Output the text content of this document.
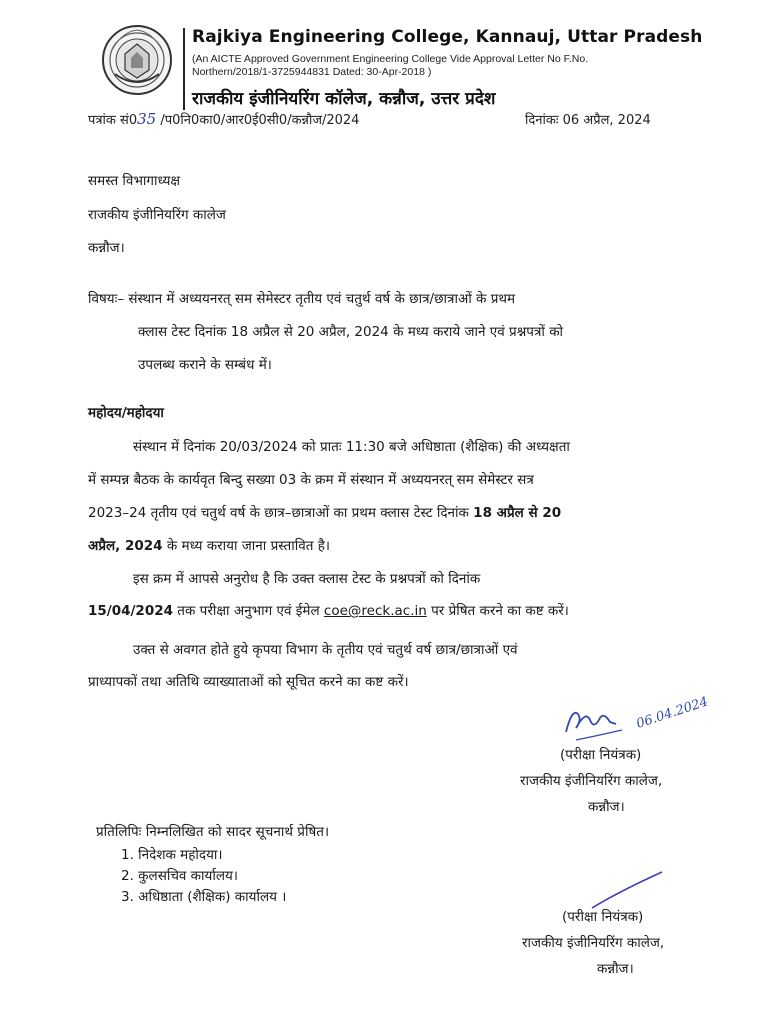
Rajkiya Engineering College, Kannauj, Uttar Pradesh
(An AICTE Approved Government Engineering College Vide Approval Letter No F.No.
Northern/2018/1-3725944831 Dated: 30-Apr-2018 )
राजकीय इंजीनियरिंग कॉलेज, कन्नौज, उत्तर प्रदेश
पत्रांक सं035 /प0नि0का0/आर0ई0सी0/कन्नौज/2024	दिनांकः 06 अप्रैल, 2024
समस्त विभागाध्यक्ष
राजकीय इंजीनियरिंग कालेज
कन्नौज।
विषयः– संस्थान में अध्ययनरत् सम सेमेस्टर तृतीय एवं चतुर्थ वर्ष के छात्र/छात्राओं के प्रथम
क्लास टेस्ट दिनांक 18 अप्रैल से 20 अप्रैल, 2024 के मध्य कराये जाने एवं प्रश्नपत्रों को
उपलब्ध कराने के सम्बंध में।
महोदय/महोदया
संस्थान में दिनांक 20/03/2024 को प्रातः 11:30 बजे अधिष्ठाता (शैक्षिक) की अध्यक्षता
में सम्पन्न बैठक के कार्यवृत बिन्दु सख्या 03 के क्रम में संस्थान में अध्ययनरत् सम सेमेस्टर सत्र
2023–24 तृतीय एवं चतुर्थ वर्ष के छात्र–छात्राओं का प्रथम क्लास टेस्ट दिनांक 18 अप्रैल से 20
अप्रैल, 2024 के मध्य कराया जाना प्रस्तावित है।
इस क्रम में आपसे अनुरोध है कि उक्त क्लास टेस्ट के प्रश्नपत्रों को दिनांक
15/04/2024 तक परीक्षा अनुभाग एवं ईमेल coe@reck.ac.in पर प्रेषित करने का कष्ट करें।
उक्त से अवगत होते हुये कृपया विभाग के तृतीय एवं चतुर्थ वर्ष छात्र/छात्राओं एवं
प्राध्यापकों तथा अतिथि व्याख्याताओं को सूचित करने का कष्ट करें।
06.04.2024
(परीक्षा नियंत्रक)
राजकीय इंजीनियरिंग कालेज,
कन्नौज।
प्रतिलिपिः निम्नलिखित को सादर सूचनार्थ प्रेषित।
1. निदेशक महोदया।
2. कुलसचिव कार्यालय।
3. अधिष्ठाता (शैक्षिक) कार्यालय ।
(परीक्षा नियंत्रक)
राजकीय इंजीनियरिंग कालेज,
कन्नौज।
